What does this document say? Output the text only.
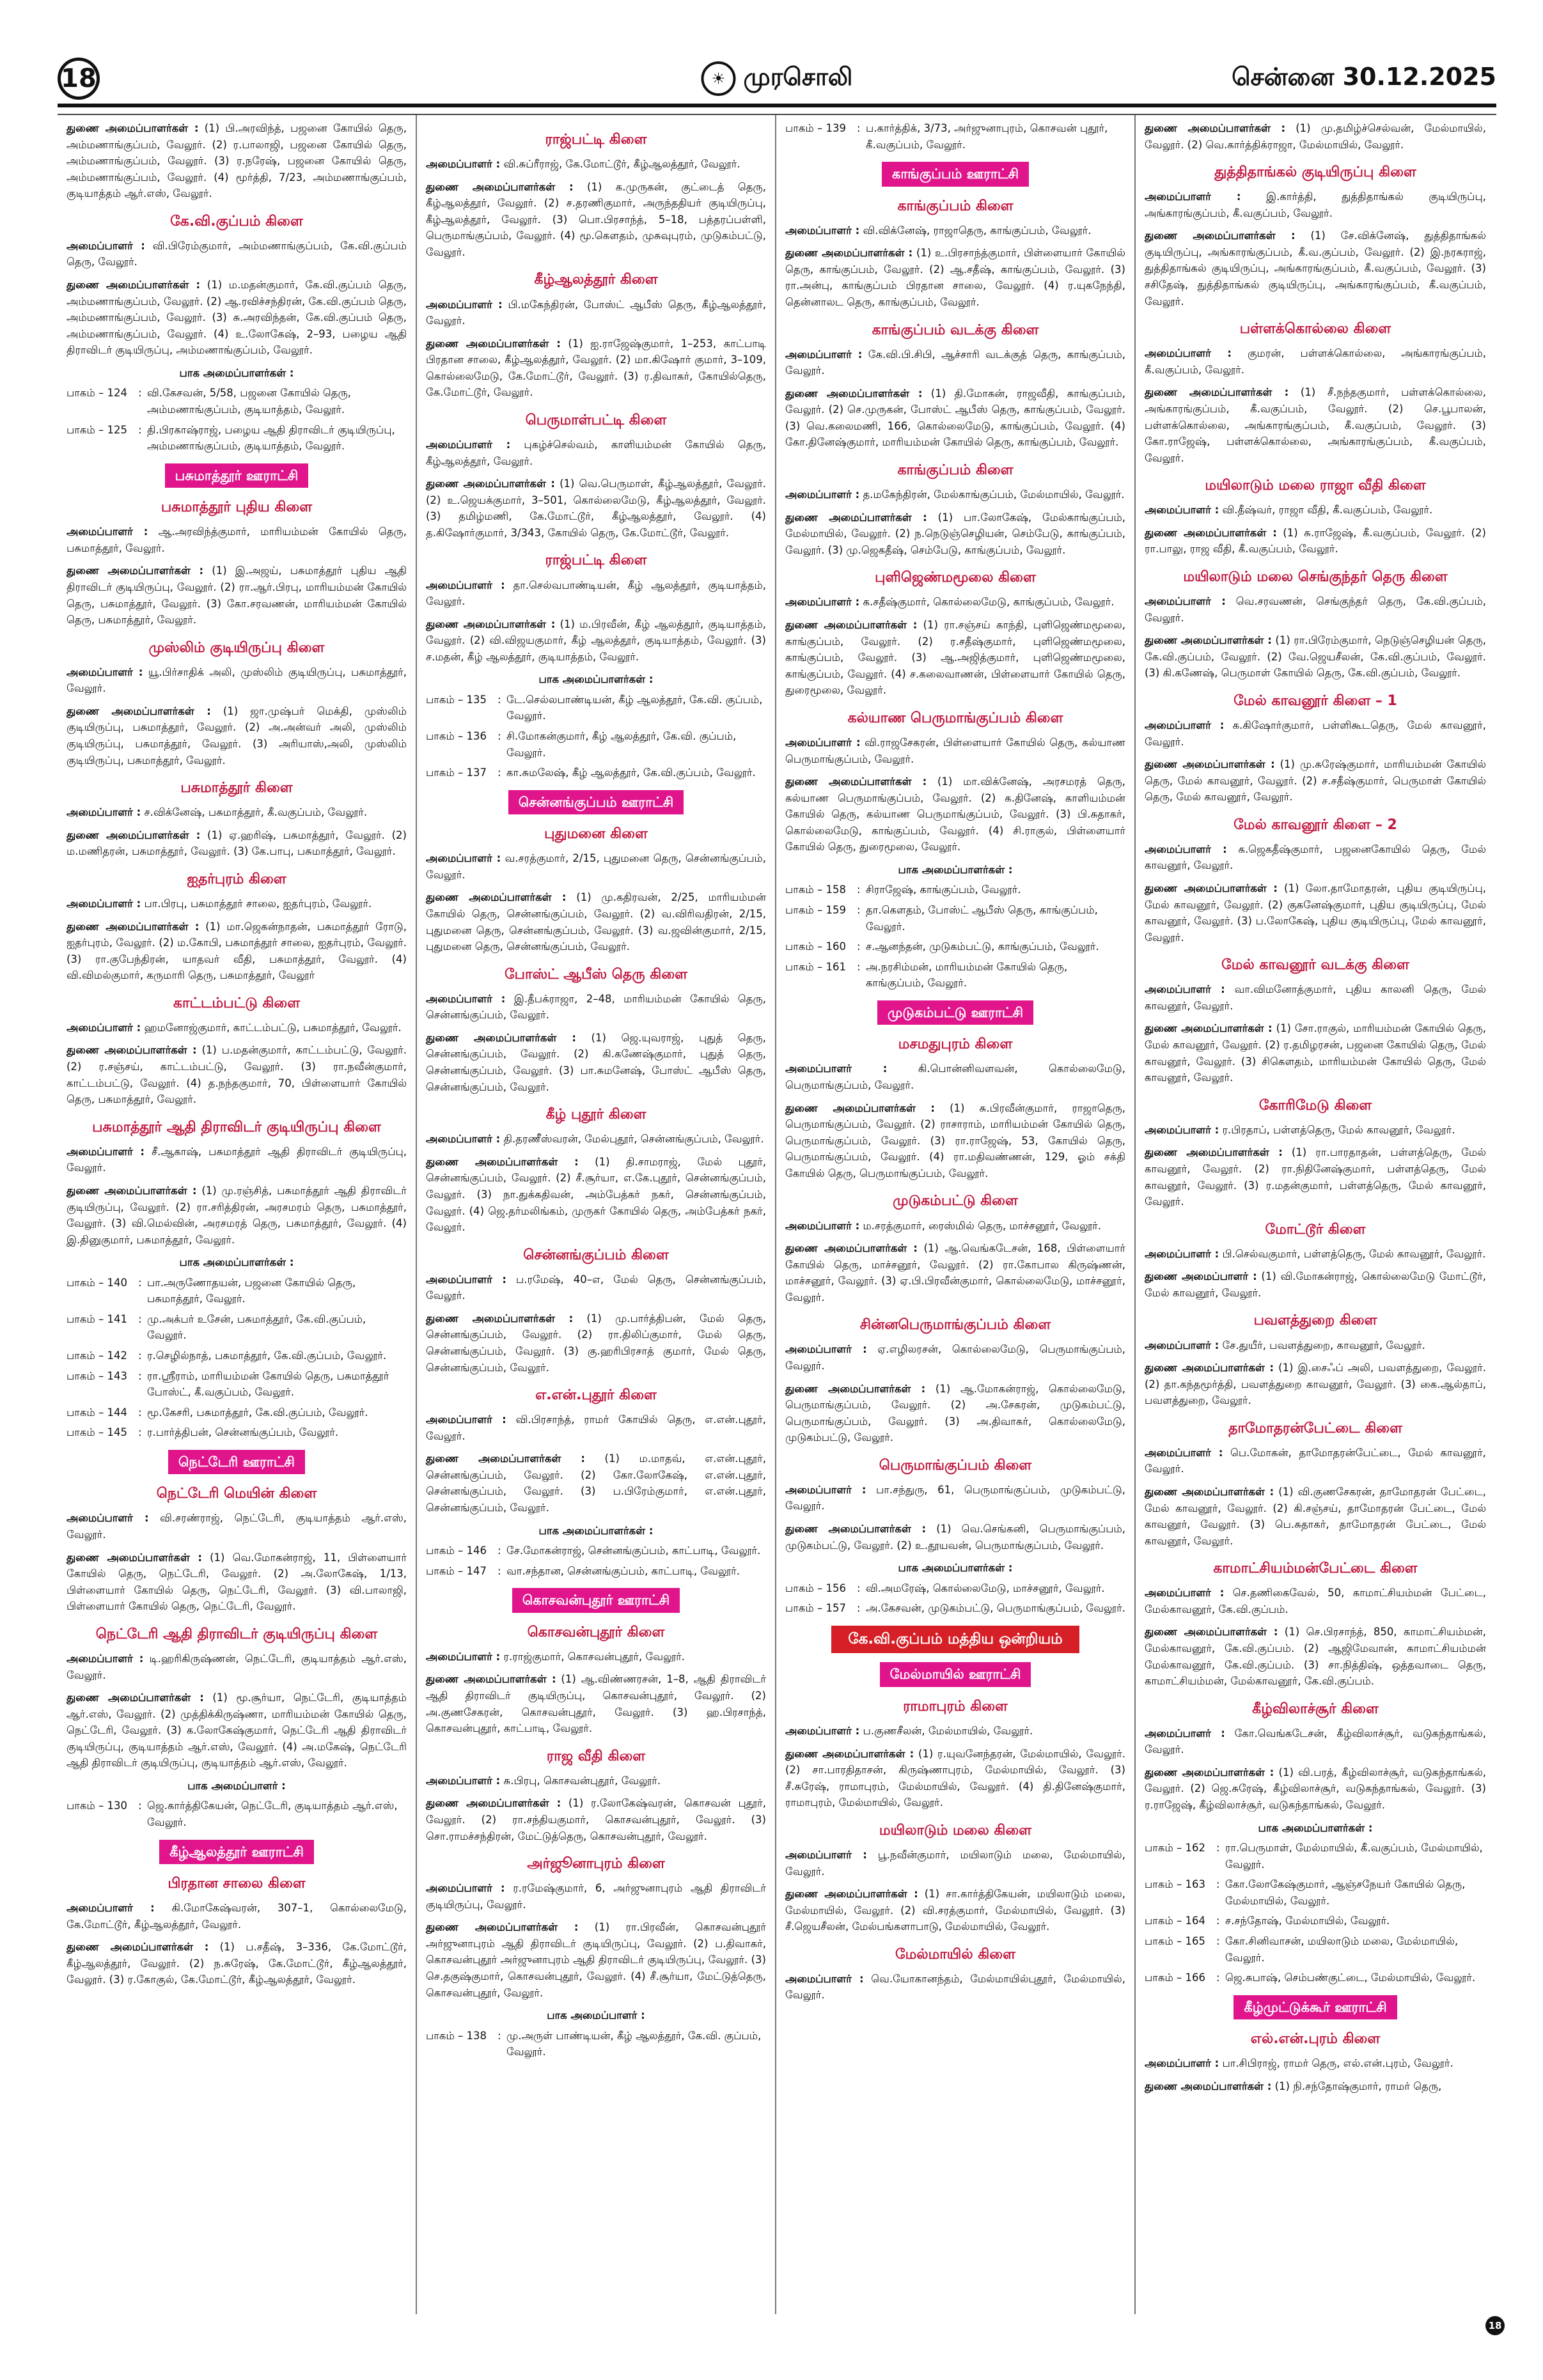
18	☀ முரசொலி	சென்னை 30.12.2025

துணை அமைப்பாளர்கள் : (1) பி.அரவிந்த், பஜனை கோயில் தெரு, அம்மணாங்குப்பம், வேலூர். (2) ர.பாலாஜி, பஜனை கோயில் தெரு, அம்மணாங்குப்பம், வேலூர். (3) ர.நரேஷ், பஜனை கோயில் தெரு, அம்மணாங்குப்பம், வேலூர். (4) மூர்த்தி, 7/23, அம்மணாங்குப்பம், குடியாத்தம் ஆர்.எஸ், வேலூர்.

கே.வி.குப்பம் கிளை

அமைப்பாளர் : வி.பிரேம்குமார், அம்மணாங்குப்பம், கே.வி.குப்பம் தெரு, வேலூர்.

துணை அமைப்பாளர்கள் : (1) ம.மதன்குமார், கே.வி.குப்பம் தெரு, அம்மணாங்குப்பம், வேலூர். (2) ஆ.ரவிச்சந்திரன், கே.வி.குப்பம் தெரு, அம்மணாங்குப்பம், வேலூர். (3) சு.அரவிந்தன், கே.வி.குப்பம் தெரு, அம்மணாங்குப்பம், வேலூர். (4) உ.லோகேஷ், 2–93, பழைய ஆதி திராவிடர் குடியிருப்பு, அம்மணாங்குப்பம், வேலூர்.

பாக அமைப்பாளர்கள் :
பாகம் – 124	: வி.கேசவன், 5/58, பஜனை கோயில் தெரு, அம்மணாங்குப்பம், குடியாத்தம், வேலூர்.
பாகம் – 125	: தி.பிரகாஷ்ராஜ், பழைய ஆதி திராவிடர் குடியிருப்பு, அம்மணாங்குப்பம், குடியாத்தம், வேலூர்.
பசுமாத்தூர் ஊராட்சி
பசுமாத்தூர் புதிய கிளை

அமைப்பாளர் : ஆ.அரவிந்த்குமார், மாரியம்மன் கோயில் தெரு, பசுமாத்தூர், வேலூர்.

துணை அமைப்பாளர்கள் : (1) இ.அஜய், பசுமாத்தூர் புதிய ஆதி திராவிடர் குடியிருப்பு, வேலூர். (2) ரா.ஆர்.பிரபு, மாரியம்மன் கோயில் தெரு, பசுமாத்தூர், வேலூர். (3) கோ.சரவணன், மாரியம்மன் கோயில் தெரு, பசுமாத்தூர், வேலூர்.

முஸ்லிம் குடியிருப்பு கிளை

அமைப்பாளர் : யூ.பிர்சாதிக் அலி, முஸ்லிம் குடியிருப்பு, பசுமாத்தூர், வேலூர்.

துணை அமைப்பாளர்கள் : (1) ஜா.முஷ்பர் மெக்தி, முஸ்லிம் குடியிருப்பு, பசுமாத்தூர், வேலூர். (2) அ.அன்வர் அலி, முஸ்லிம் குடியிருப்பு, பசுமாத்தூர், வேலூர். (3) அரியாஸ்,அலி, முஸ்லிம் குடியிருப்பு, பசுமாத்தூர், வேலூர்.

பசுமாத்தூர் கிளை

அமைப்பாளர் : ச.விக்னேஷ், பசுமாத்தூர், கீ.வகுப்பம், வேலூர்.

துணை அமைப்பாளர்கள் : (1) ஏ.ஹரிஷ், பசுமாத்தூர், வேலூர். (2) ம.மணிதரன், பசுமாத்தூர், வேலூர். (3) கே.பாபு, பசுமாத்தூர், வேலூர்.

ஐதர்புரம் கிளை

அமைப்பாளர் : பா.பிரபு, பசுமாத்தூர் சாலை, ஐதர்புரம், வேலூர்.

துணை அமைப்பாளர்கள் : (1) மா.ஜெகன்நாதன், பசுமாத்தூர் ரோடு, ஐதர்புரம், வேலூர். (2) ம.கோபி, பசுமாத்தூர் சாலை, ஐதர்புரம், வேலூர். (3) ரா.குபேந்திரன், யாதவர் வீதி, பசுமாத்தூர், வேலூர். (4) வி.விமல்குமார், கருமாரி தெரு, பசுமாத்தூர், வேலூர்

காட்டம்பட்டு கிளை

அமைப்பாளர் : ஹமனோஜ்குமார், காட்டம்பட்டு, பசுமாத்தூர், வேலூர்.

துணை அமைப்பாளர்கள் : (1) ப.மதன்குமார், காட்டம்பட்டு, வேலூர். (2) ர.சஞ்சய், காட்டம்பட்டு, வேலூர். (3) ரா.நவீன்குமார், காட்டம்பட்டு, வேலூர். (4) த.நந்தகுமார், 70, பிள்ளையார் கோயில் தெரு, பசுமாத்தூர், வேலூர்.

பசுமாத்தூர் ஆதி திராவிடர் குடியிருப்பு கிளை

அமைப்பாளர் : சீ.ஆகாஷ், பசுமாத்தூர் ஆதி திராவிடர் குடியிருப்பு, வேலூர்.

துணை அமைப்பாளர்கள் : (1) மு.ரஞ்சித், பசுமாத்தூர் ஆதி திராவிடர் குடியிருப்பு, வேலூர். (2) ரா.சரித்திரன், அரசமரம் தெரு, பசுமாத்தூர், வேலூர். (3) வி.மெல்வின், அரசமரத் தெரு, பசுமாத்தூர், வேலூர். (4) இ.தினுகுமார், பசுமாத்தூர், வேலூர்.

பாக அமைப்பாளர்கள் :
பாகம் – 140	: பா.அருணோதயன், பஜனை கோயில் தெரு, பசுமாத்தூர், வேலூர்.
பாகம் – 141	: மு.அக்பர் உசேன், பசுமாத்தூர், கே.வி.குப்பம், வேலூர்.
பாகம் – 142	: ர.செழில்நாத், பசுமாத்தூர், கே.வி.குப்பம், வேலூர்.
பாகம் – 143	: ரா.ஸ்ரீராம், மாரியம்மன் கோயில் தெரு, பசுமாத்தூர் போஸ்ட், கீ.வகுப்பம், வேலூர்.
பாகம் – 144	: மூ.கேசரி, பசுமாத்தூர், கே.வி.குப்பம், வேலூர்.
பாகம் – 145	: ர.பார்த்திபன், சென்னங்குப்பம், வேலூர்.
நெட்டேரி ஊராட்சி
நெட்டேரி மெயின் கிளை

அமைப்பாளர் : வி.சரண்ராஜ், நெட்டேரி, குடியாத்தம் ஆர்.எஸ், வேலூர்.

துணை அமைப்பாளர்கள் : (1) வெ.மோகன்ராஜ், 11, பிள்ளையார் கோயில் தெரு, நெட்டேரி, வேலூர். (2) அ.லோகேஷ், 1/13, பிள்ளையார் கோயில் தெரு, நெட்டேரி, வேலூர். (3) வி.பாலாஜி, பிள்ளையார் கோயில் தெரு, நெட்டேரி, வேலூர்.

நெட்டேரி ஆதி திராவிடர் குடியிருப்பு கிளை

அமைப்பாளர் : டி.ஹரிகிருஷ்ணன், நெட்டேரி, குடியாத்தம் ஆர்.எஸ், வேலூர்.

துணை அமைப்பாளர்கள் : (1) மூ.சூர்யா, நெட்டேரி, குடியாத்தம் ஆர்.எஸ், வேலூர். (2) முத்திக்கிருஷ்ணா, மாரியம்மன் கோயில் தெரு, நெட்டேரி, வேலூர். (3) க.லோகேஷ்குமார், நெட்டேரி ஆதி திராவிடர் குடியிருப்பு, குடியாத்தம் ஆர்.எஸ், வேலூர். (4) அ.மகேஷ், நெட்டேரி ஆதி திராவிடர் குடியிருப்பு, குடியாத்தம் ஆர்.எஸ், வேலூர்.

பாக அமைப்பாளர் :
பாகம் – 130	: ஜெ.கார்த்திகேயன், நெட்டேரி, குடியாத்தம் ஆர்.எஸ், வேலூர்.
கீழ்ஆலத்தூர் ஊராட்சி
பிரதான சாலை கிளை

அமைப்பாளர் : கி.மோகேஷ்வரன், 307–1, கொல்லைமேடு, கே.மோட்டூர், கீழ்ஆலத்தூர், வேலூர்.

துணை அமைப்பாளர்கள் : (1) ப.சதீஷ், 3–336, கே.மோட்டூர், கீழ்ஆலத்தூர், வேலூர். (2) ந.சுரேஷ், கே.மோட்டூர், கீழ்ஆலத்தூர், வேலூர். (3) ர.கோகுல், கே.மோட்டூர், கீழ்ஆலத்தூர், வேலூர்.

ராஜ்பட்டி கிளை

அமைப்பாளர் : வி.சுப்ரீராஜ், கே.மோட்டூர், கீழ்ஆலத்தூர், வேலூர்.

துணை அமைப்பாளர்கள் : (1) க.முருகன், குட்டைத் தெரு, கீழ்ஆலத்தூர், வேலூர். (2) ச.தரணிகுமார், அருந்ததியர் குடியிருப்பு, கீழ்ஆலத்தூர், வேலூர். (3) பொ.பிரசாந்த், 5–18, பத்தரப்பள்ளி, பெருமாங்குப்பம், வேலூர். (4) மூ.கௌதம், முசுவுபுரம், முடுகம்பட்டு, வேலூர்.

கீழ்ஆலத்தூர் கிளை

அமைப்பாளர் : பி.மகேந்திரன், போஸ்ட் ஆபீஸ் தெரு, கீழ்ஆலத்தூர், வேலூர்.

துணை அமைப்பாளர்கள் : (1) ஐ.ராஜேஷ்குமார், 1–253, காட்பாடி பிரதான சாலை, கீழ்ஆலத்தூர், வேலூர். (2) மா.கிஷோர் குமார், 3–109, கொல்லைமேடு, கே.மோட்டூர், வேலூர். (3) ர.திவாகர், கோயில்தெரு, கே.மோட்டூர், வேலூர்.

பெருமாள்பட்டி கிளை

அமைப்பாளர் : புகழ்ச்செல்வம், காளியம்மன் கோயில் தெரு, கீழ்ஆலத்தூர், வேலூர்.

துணை அமைப்பாளர்கள் : (1) வெ.பெருமாள், கீழ்ஆலத்தூர், வேலூர். (2) உ.ஜெயக்குமார், 3–501, கொல்லைமேடு, கீழ்ஆலத்தூர், வேலூர். (3) தமிழ்மணி, கே.மோட்டூர், கீழ்ஆலத்தூர், வேலூர். (4) த.கிஷோர்குமார், 3/343, கோயில் தெரு, கே.மோட்டூர், வேலூர்.

ராஜ்பட்டி கிளை

அமைப்பாளர் : தா.செல்வபாண்டியன், கீழ் ஆலத்தூர், குடியாத்தம், வேலூர்.

துணை அமைப்பாளர்கள் : (1) ம.பிரவீன், கீழ் ஆலத்தூர், குடியாத்தம், வேலூர். (2) வி.விஜயகுமார், கீழ் ஆலத்தூர், குடியாத்தம், வேலூர். (3) ச.மதன், கீழ் ஆலத்தூர், குடியாத்தம், வேலூர்.

பாக அமைப்பாளர்கள் :
பாகம் – 135	: டே.செல்லபாண்டியன், கீழ் ஆலத்தூர், கே.வி. குப்பம், வேலூர்.
பாகம் – 136	: சி.மோகன்குமார், கீழ் ஆலத்தூர், கே.வி. குப்பம், வேலூர்.
பாகம் – 137	: கா.சுமலேஷ், கீழ் ஆலத்தூர், கே.வி.குப்பம், வேலூர்.
சென்னங்குப்பம் ஊராட்சி
புதுமனை கிளை

அமைப்பாளர் : வ.சரத்குமார், 2/15, புதுமனை தெரு, சென்னங்குப்பம், வேலூர்.

துணை அமைப்பாளர்கள் : (1) மு.கதிரவன், 2/25, மாரியம்மன் கோயில் தெரு, சென்னங்குப்பம், வேலூர். (2) வ.விரிவதிரன், 2/15, புதுமனை தெரு, சென்னங்குப்பம், வேலூர். (3) வ.ஜவின்குமார், 2/15, புதுமனை தெரு, சென்னங்குப்பம், வேலூர்.

போஸ்ட் ஆபீஸ் தெரு கிளை

அமைப்பாளர் : இ.தீபக்ராஜா, 2–48, மாரியம்மன் கோயில் தெரு, சென்னங்குப்பம், வேலூர்.

துணை அமைப்பாளர்கள் : (1) ஜெ.யுவராஜ், புதுத் தெரு, சென்னங்குப்பம், வேலூர். (2) கி.கணேஷ்குமார், புதுத் தெரு, சென்னங்குப்பம், வேலூர். (3) பா.சுமனேஷ், போஸ்ட் ஆபீஸ் தெரு, சென்னங்குப்பம், வேலூர்.

கீழ் புதூர் கிளை

அமைப்பாளர் : தி.தரணீஸ்வரன், மேல்புதூர், சென்னங்குப்பம், வேலூர்.

துணை அமைப்பாளர்கள் : (1) தி.சாமராஜ், மேல் புதூர், சென்னங்குப்பம், வேலூர். (2) சீ.சூர்யா, எ.கே.புதூர், சென்னங்குப்பம், வேலூர். (3) நா.துக்கதிவன், அம்பேத்கர் நகர், சென்னங்குப்பம், வேலூர். (4) ஜெ.தர்மலிங்கம், முருகர் கோயில் தெரு, அம்பேத்கர் நகர், வேலூர்.

சென்னங்குப்பம் கிளை

அமைப்பாளர் : ப.ரமேஷ், 40–எ, மேல் தெரு, சென்னங்குப்பம், வேலூர்.

துணை அமைப்பாளர்கள் : (1) மு.பார்த்திபன், மேல் தெரு, சென்னங்குப்பம், வேலூர். (2) ரா.திலிப்குமார், மேல் தெரு, சென்னங்குப்பம், வேலூர். (3) கு.ஹரிபிரசாத் குமார், மேல் தெரு, சென்னங்குப்பம், வேலூர்.

எ.என்.புதூர் கிளை

அமைப்பாளர் : வி.பிரசாந்த், ராமர் கோயில் தெரு, எ.என்.புதூர், வேலூர்.

துணை அமைப்பாளர்கள் : (1) ம.மாதவ், எ.என்.புதூர், சென்னங்குப்பம், வேலூர். (2) கோ.லோகேஷ், எ.என்.புதூர், சென்னங்குப்பம், வேலூர். (3) ப.பிரேம்குமார், எ.என்.புதூர், சென்னங்குப்பம், வேலூர்.

பாக அமைப்பாளர்கள் :
பாகம் – 146	: சே.மோகன்ராஜ், சென்னங்குப்பம், காட்பாடி, வேலூர்.
பாகம் – 147	: வா.சந்தான, சென்னங்குப்பம், காட்பாடி, வேலூர்.
கொசவன்புதூர் ஊராட்சி
கொசவன்புதூர் கிளை

அமைப்பாளர் : ர.ராஜ்குமார், கொசவன்புதூர், வேலூர்.

துணை அமைப்பாளர்கள் : (1) ஆ.விண்ணரசன், 1–8, ஆதி திராவிடர் ஆதி திராவிடர் குடியிருப்பு, கொசவன்புதூர், வேலூர். (2) அ.குணசேகரன், கொசவன்புதூர், வேலூர். (3) ஹ.பிரசாந்த், கொசவன்புதூர், காட்பாடி, வேலூர்.

ராஜ வீதி கிளை

அமைப்பாளர் : சு.பிரபு, கொசவன்புதூர், வேலூர்.

துணை அமைப்பாளர்கள் : (1) ர.லோகேஷ்வரன், கொசவன் புதூர், வேலூர். (2) ரா.சந்தியகுமார், கொசவன்புதூர், வேலூர். (3) சொ.ராமச்சந்திரன், மேட்டுத்தெரு, கொசவன்புதூர், வேலூர்.

அர்ஜூனாபுரம் கிளை

அமைப்பாளர் : ர.ரமேஷ்குமார், 6, அர்ஜுனாபுரம் ஆதி திராவிடர் குடியிருப்பு, வேலூர்.

துணை அமைப்பாளர்கள் : (1) ரா.பிரவீன், கொசவன்புதூர் அர்ஜுனாபுரம் ஆதி திராவிடர் குடியிருப்பு, வேலூர். (2) ப.திவாகர், கொசவன்புதூர் அர்ஜுனாபுரம் ஆதி திராவிடர் குடியிருப்பு, வேலூர். (3) செ.தகுஷ்குமார், கொசவன்புதூர், வேலூர். (4) சீ.சூர்யா, மேட்டுத்தெரு, கொசவன்புதூர், வேலூர்.

பாக அமைப்பாளர் :
பாகம் – 138	: மு.அருள் பாண்டியன், கீழ் ஆலத்தூர், கே.வி. குப்பம், வேலூர்.
பாகம் – 139	: ப.கார்த்திக், 3/73, அர்ஜுனாபுரம், கொசவன் புதூர், கீ.வகுப்பம், வேலூர்.
காங்குப்பம் ஊராட்சி
காங்குப்பம் கிளை

அமைப்பாளர் : வி.விக்னேஷ், ராஜாதெரு, காங்குப்பம், வேலூர்.

துணை அமைப்பாளர்கள் : (1) உ.பிரசாந்த்குமார், பிள்ளையார் கோயில் தெரு, காங்குப்பம், வேலூர். (2) ஆ.சதீஷ், காங்குப்பம், வேலூர். (3) ரா.அன்பு, காங்குப்பம் பிரதான சாலை, வேலூர். (4) ர.யுகநேந்தி, தென்னாலட தெரு, காங்குப்பம், வேலூர்.

காங்குப்பம் வடக்கு கிளை

அமைப்பாளர் : கே.வி.பி.சிபி, ஆச்சாரி வடக்குத் தெரு, காங்குப்பம், வேலூர்.

துணை அமைப்பாளர்கள் : (1) தி.மோகன், ராஜவீதி, காங்குப்பம், வேலூர். (2) செ.முருகன், போஸ்ட் ஆபீஸ் தெரு, காங்குப்பம், வேலூர். (3) வெ.கலைமணி, 166, கொல்லைமேடு, காங்குப்பம், வேலூர். (4) கோ.தினேஷ்குமார், மாரியம்மன் கோயில் தெரு, காங்குப்பம், வேலூர்.

காங்குப்பம் கிளை

அமைப்பாளர் : த.மகேந்திரன், மேல்காங்குப்பம், மேல்மாயில், வேலூர்.

துணை அமைப்பாளர்கள் : (1) பா.லோகேஷ், மேல்காங்குப்பம், மேல்மாயில், வேலூர். (2) ந.நெடுஞ்செழியன், செம்பேடு, காங்குப்பம், வேலூர். (3) மு.ஜெகதீஷ், செம்பேடு, காங்குப்பம், வேலூர்.

புளிஜெண்மமூலை கிளை

அமைப்பாளர் : க.சதீஷ்குமார், கொல்லைமேடு, காங்குப்பம், வேலூர்.

துணை அமைப்பாளர்கள் : (1) ரா.சஞ்சய் காந்தி, புளிஜெண்மமூலை, காங்குப்பம், வேலூர். (2) ர.சதீஷ்குமார், புளிஜெண்மமூலை, காங்குப்பம், வேலூர். (3) ஆ.அஜித்குமார், புளிஜெண்மமூலை, காங்குப்பம், வேலூர். (4) ச.கலைவாணன், பிள்ளையார் கோயில் தெரு, துரைமூலை, வேலூர்.

கல்யாண பெருமாங்குப்பம் கிளை

அமைப்பாளர் : வி.ராஜசேகரன், பிள்ளையார் கோயில் தெரு, கல்யாண பெருமாங்குப்பம், வேலூர்.

துணை அமைப்பாளர்கள் : (1) மா.விக்னேஷ், அரசமரத் தெரு, கல்யாண பெருமாங்குப்பம், வேலூர். (2) க.தினேஷ், காளியம்மன் கோயில் தெரு, கல்யாண பெருமாங்குப்பம், வேலூர். (3) பி.சுதாகர், கொல்லைமேடு, காங்குப்பம், வேலூர். (4) சி.ராகுல், பிள்ளையார் கோயில் தெரு, துரைமூலை, வேலூர்.

பாக அமைப்பாளர்கள் :
பாகம் – 158	: சிராஜேஷ், காங்குப்பம், வேலூர்.
பாகம் – 159	: தா.கௌதம், போஸ்ட் ஆபீஸ் தெரு, காங்குப்பம், வேலூர்.
பாகம் – 160	: ச.ஆனந்தன், முடுகம்பட்டு, காங்குப்பம், வேலூர்.
பாகம் – 161	: அ.நரசிம்மன், மாரியம்மன் கோயில் தெரு, காங்குப்பம், வேலூர்.
முடுகம்பட்டு ஊராட்சி
மசமதுபுரம் கிளை

அமைப்பாளர் :	கி.பொன்னிவளவன், கொல்லைமேடு, பெருமாங்குப்பம், வேலூர்.

துணை அமைப்பாளர்கள் : (1) சு.பிரவீன்குமார், ராஜாதெரு, பெருமாங்குப்பம், வேலூர். (2) ராசாராம், மாரியம்மன் கோயில் தெரு, பெருமாங்குப்பம், வேலூர். (3) ரா.ராஜேஷ், 53, கோயில் தெரு, பெருமாங்குப்பம், வேலூர். (4) ரா.மதிவண்ணன், 129, ஓம் சக்தி கோயில் தெரு, பெருமாங்குப்பம், வேலூர்.

முடுகம்பட்டு கிளை

அமைப்பாளர் : ம.சரத்குமார், ரைஸ்மில் தெரு, மாச்சனூர், வேலூர்.

துணை அமைப்பாளர்கள் : (1) ஆ.வெங்கடேசன், 168, பிள்ளையார் கோயில் தெரு, மாச்சனூர், வேலூர். (2) ரா.கோபால கிருஷ்ணன், மாச்சனூர், வேலூர். (3) ஏ.பி.பிரவீன்குமார், கொல்லைமேடு, மாச்சனூர், வேலூர்.

சின்னபெருமாங்குப்பம் கிளை

அமைப்பாளர் : ஏ.எழிலரசன், கொல்லைமேடு, பெருமாங்குப்பம், வேலூர்.

துணை அமைப்பாளர்கள் : (1) ஆ.மோகன்ராஜ், கொல்லைமேடு, பெருமாங்குப்பம், வேலூர். (2) அ.சேகரன், முடுகம்பட்டு, பெருமாங்குப்பம், வேலூர். (3) அ.திவாகர், கொல்லைமேடு, முடுகம்பட்டு, வேலூர்.

பெருமாங்குப்பம் கிளை

அமைப்பாளர் : பா.சந்துரு, 61, பெருமாங்குப்பம், முடுகம்பட்டு, வேலூர்.

துணை அமைப்பாளர்கள் : (1) வெ.செங்கனி, பெருமாங்குப்பம், முடுகம்பட்டு, வேலூர். (2) உ.தூயவன், பெருமாங்குப்பம், வேலூர்.

பாக அமைப்பாளர்கள் :
பாகம் – 156	: வி.அமரேஷ், கொல்லைமேடு, மாச்சனூர், வேலூர்.
பாகம் – 157	: அ.கேசவன், முடுகம்பட்டு, பெருமாங்குப்பம், வேலூர்.
கே.வி.குப்பம் மத்திய ஒன்றியம்
மேல்மாயில் ஊராட்சி
ராமாபுரம் கிளை

அமைப்பாளர் : ப.குணசீலன், மேல்மாயில், வேலூர்.

துணை அமைப்பாளர்கள் : (1) ர.யுவனேந்தரன், மேல்மாயில், வேலூர். (2) சா.பாரதிதாசன், கிருஷ்ணாபுரம், மேல்மாயில், வேலூர். (3) சீ.சுரேஷ், ராமாபுரம், மேல்மாயில், வேலூர். (4) தி.தினேஷ்குமார், ராமாபுரம், மேல்மாயில், வேலூர்.

மயிலாடும் மலை கிளை

அமைப்பாளர் : பூ.நவீன்குமார், மயிலாடும் மலை, மேல்மாயில், வேலூர்.

துணை அமைப்பாளர்கள் : (1) சா.கார்த்திகேயன், மயிலாடும் மலை, மேல்மாயில், வேலூர். (2) வி.சரத்குமார், மேல்மாயில், வேலூர். (3) சீ.ஜெயசீலன், மேல்பங்களாபாடு, மேல்மாயில், வேலூர்.

மேல்மாயில் கிளை

அமைப்பாளர் : வெ.யோகானந்தம், மேல்மாயில்புதூர், மேல்மாயில், வேலூர்.

துணை அமைப்பாளர்கள் : (1) மு.தமிழ்ச்செல்வன், மேல்மாயில், வேலூர். (2) வெ.கார்த்திக்ராஜா, மேல்மாயில், வேலூர்.

துத்திதாங்கல் குடியிருப்பு கிளை

அமைப்பாளர் : இ.கார்த்தி, துத்திதாங்கல் குடியிருப்பு, அங்காரங்குப்பம், கீ.வகுப்பம், வேலூர்.

துணை அமைப்பாளர்கள் : (1) சே.விக்னேஷ், துத்திதாங்கல் குடியிருப்பு, அங்காரங்குப்பம், கீ.வ.குப்பம், வேலூர். (2) இ.நரகராஜ், துத்திதாங்கல் குடியிருப்பு, அங்காரங்குப்பம், கீ.வகுப்பம், வேலூர். (3) சசிதேஷ், துத்திதாங்கல் குடியிருப்பு, அங்காரங்குப்பம், கீ.வகுப்பம், வேலூர்.

பள்ளக்கொல்லை கிளை

அமைப்பாளர் : குமரன், பள்ளக்கொல்லை, அங்காரங்குப்பம், கீ.வகுப்பம், வேலூர்.

துணை அமைப்பாளர்கள் : (1) சீ.நந்தகுமார், பள்ளக்கொல்லை, அங்காரங்குப்பம், கீ.வகுப்பம், வேலூர். (2) செ.பூபாலன், பள்ளக்கொல்லை, அங்காரங்குப்பம், கீ.வகுப்பம், வேலூர். (3) கோ.ராஜேஷ், பள்ளக்கொல்லை, அங்காரங்குப்பம், கீ.வகுப்பம், வேலூர்.

மயிலாடும் மலை ராஜா வீதி கிளை

அமைப்பாளர் : வி.தீஷ்வர், ராஜா வீதி, கீ.வகுப்பம், வேலூர்.

துணை அமைப்பாளர்கள் : (1) சு.ராஜேஷ், கீ.வகுப்பம், வேலூர். (2) ரா.பாலு, ராஜ வீதி, கீ.வகுப்பம், வேலூர்.

மயிலாடும் மலை செங்குந்தர் தெரு கிளை

அமைப்பாளர் : வெ.சரவணன், செங்குந்தர் தெரு, கே.வி.குப்பம், வேலூர்.

துணை அமைப்பாளர்கள் : (1) ரா.பிரேம்குமார், நெடுஞ்செழியன் தெரு, கே.வி.குப்பம், வேலூர். (2) வே.ஜெயசீலன், கே.வி.குப்பம், வேலூர். (3) கி.கணேஷ், பெருமாள் கோயில் தெரு, கே.வி.குப்பம், வேலூர்.

மேல் காவனூர் கிளை – 1

அமைப்பாளர் : க.கிஷோர்குமார், பள்ளிகூடதெரு, மேல் காவனூர், வேலூர்.

துணை அமைப்பாளர்கள் : (1) மு.சுரேஷ்குமார், மாரியம்மன் கோயில் தெரு, மேல் காவனூர், வேலூர். (2) ச.சதீஷ்குமார், பெருமாள் கோயில் தெரு, மேல் காவனூர், வேலூர்.

மேல் காவனூர் கிளை – 2

அமைப்பாளர் : க.ஜெகதீஷ்குமார், பஜனைகோயில் தெரு, மேல் காவனூர், வேலூர்.

துணை அமைப்பாளர்கள் : (1) லோ.தாமோதரன், புதிய குடியிருப்பு, மேல் காவனூர், வேலூர். (2) குகனேஷ்குமார், புதிய குடியிருப்பு, மேல் காவனூர், வேலூர். (3) ப.லோகேஷ், புதிய குடியிருப்பு, மேல் காவனூர், வேலூர்.

மேல் காவனூர் வடக்கு கிளை

அமைப்பாளர் : வா.விமனோத்குமார், புதிய காலனி தெரு, மேல் காவனூர், வேலூர்.

துணை அமைப்பாளர்கள் : (1) சோ.ராகுல், மாரியம்மன் கோயில் தெரு, மேல் காவனூர், வேலூர். (2) ர.தமிழரசன், பஜனை கோயில் தெரு, மேல் காவனூர், வேலூர். (3) சிகௌதம், மாரியம்மன் கோயில் தெரு, மேல் காவனூர், வேலூர்.

கோரிமேடு கிளை

அமைப்பாளர் : ர.பிரதாப், பள்ளத்தெரு, மேல் காவனூர், வேலூர்.

துணை அமைப்பாளர்கள் : (1) ரா.பாரதாதன், பள்ளத்தெரு, மேல் காவனூர், வேலூர். (2) ரா.நிதினேஷ்குமார், பள்ளத்தெரு, மேல் காவனூர், வேலூர். (3) ர.மதன்குமார், பள்ளத்தெரு, மேல் காவனூர், வேலூர்.

மோட்டூர் கிளை

அமைப்பாளர் : பி.செல்வகுமார், பள்ளத்தெரு, மேல் காவனூர், வேலூர்.

துணை அமைப்பாளர் : (1) வி.மோகன்ராஜ், கொல்லைமேடு மோட்டூர், மேல் காவனூர், வேலூர்.

பவளத்துறை கிளை

அமைப்பாளர் : சே.துயீர், பவளத்துறை, காவனூர், வேலூர்.

துணை அமைப்பாளர்கள் : (1) இ.சைஃப் அலி, பவளத்துறை, வேலூர். (2) தா.கந்தமூர்த்தி, பவளத்துறை காவனூர், வேலூர். (3) கை.ஆல்தாப், பவளத்துறை, வேலூர்.

தாமோதரன்பேட்டை கிளை

அமைப்பாளர் : பெ.மோகன், தாமோதரன்பேட்டை, மேல் காவனூர், வேலூர்.

துணை அமைப்பாளர்கள் : (1) வி.குணசேகரன், தாமோதரன் பேட்டை, மேல் காவனூர், வேலூர். (2) கி.சஞ்சய், தாமோதரன் பேட்டை, மேல் காவனூர், வேலூர். (3) பெ.சுதாகர், தாமோதரன் பேட்டை, மேல் காவனூர், வேலூர்.

காமாட்சியம்மன்பேட்டை கிளை

அமைப்பாளர் : செ.தணிகைவேல், 50, காமாட்சியம்மன் பேட்டை, மேல்காவனூர், கே.வி.குப்பம்.

துணை அமைப்பாளர்கள் : (1) செ.பிரசாந்த், 850, காமாட்சியம்மன், மேல்காவனூர், கே.வி.குப்பம். (2) ஆஜிமேவான், காமாட்சியம்மன் மேல்காவனூர், கே.வி.குப்பம். (3) சா.நித்திஷ், ஒத்தவாடை தெரு, காமாட்சியம்மன், மேல்காவனூர், கே.வி.குப்பம்.

கீழ்விலாச்சூர் கிளை

அமைப்பாளர் : கோ.வெங்கடேசன், கீழ்விலாச்சூர், வடுகந்தாங்கல், வேலூர்.

துணை அமைப்பாளர்கள் : (1) வி.பரத், கீழ்விலாச்சூர், வடுகந்தாங்கல், வேலூர். (2) ஜெ.சுரேஷ், கீழ்விலாச்சூர், வடுகந்தாங்கல், வேலூர். (3) ர.ராஜேஷ், கீழ்விலாச்சூர், வடுகந்தாங்கல், வேலூர்.

பாக அமைப்பாளர்கள் :
பாகம் – 162	: ரா.பெருமாள், மேல்மாயில், கீ.வகுப்பம், மேல்மாயில், வேலூர்.
பாகம் – 163	: கோ.லோகேஷ்குமார், ஆஞ்சநேயர் கோயில் தெரு, மேல்மாயில், வேலூர்.
பாகம் – 164	: ச.சந்தோஷ், மேல்மாயில், வேலூர்.
பாகம் – 165	: கோ.சினிவாசன், மயிலாடும் மலை, மேல்மாயில், வேலூர்.
பாகம் – 166	: ஜெ.சுபாஷ், செம்பண்குட்டை, மேல்மாயில், வேலூர்.
கீழ்முட்டுக்கூர் ஊராட்சி
எல்.என்.புரம் கிளை

அமைப்பாளர் : பா.சிபிராஜ், ராமர் தெரு, எல்.என்.புரம், வேலூர்.

துணை அமைப்பாளர்கள் : (1) நி.சந்தோஷ்குமார், ராமர் தெரு,

18
